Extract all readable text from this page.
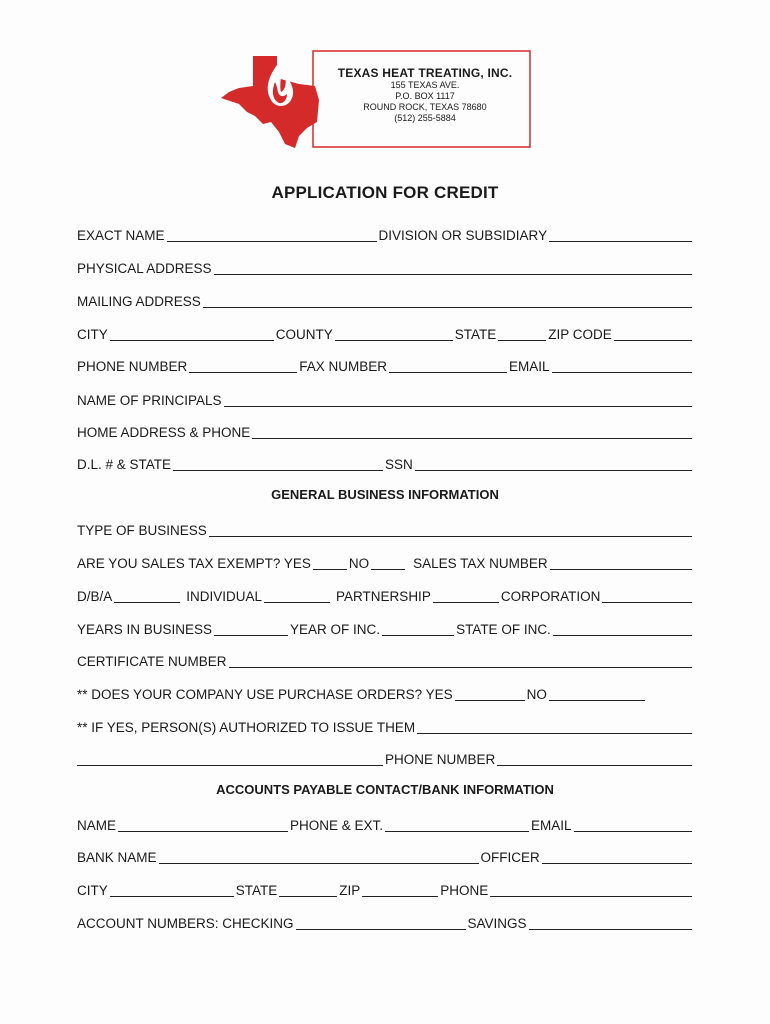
TEXAS HEAT TREATING, INC.
155 TEXAS AVE.
P.O. BOX 1117
ROUND ROCK, TEXAS 78680
(512) 255-5884
APPLICATION FOR CREDIT
EXACT NAME	DIVISION OR SUBSIDIARY
PHYSICAL ADDRESS
MAILING ADDRESS
CITY	COUNTY	STATE	ZIP CODE
PHONE NUMBER	FAX NUMBER	EMAIL
NAME OF PRINCIPALS
HOME ADDRESS & PHONE
D.L. # & STATE	SSN
GENERAL BUSINESS INFORMATION
TYPE OF BUSINESS
ARE YOU SALES TAX EXEMPT? YES	NO	SALES TAX NUMBER
D/B/A	INDIVIDUAL	PARTNERSHIP	CORPORATION
YEARS IN BUSINESS	YEAR OF INC.	STATE OF INC.
CERTIFICATE NUMBER
** DOES YOUR COMPANY USE PURCHASE ORDERS? YES	NO
** IF YES, PERSON(S) AUTHORIZED TO ISSUE THEM
PHONE NUMBER
ACCOUNTS PAYABLE CONTACT/BANK INFORMATION
NAME	PHONE & EXT.	EMAIL
BANK NAME	OFFICER
CITY	STATE	ZIP	PHONE
ACCOUNT NUMBERS: CHECKING	SAVINGS
